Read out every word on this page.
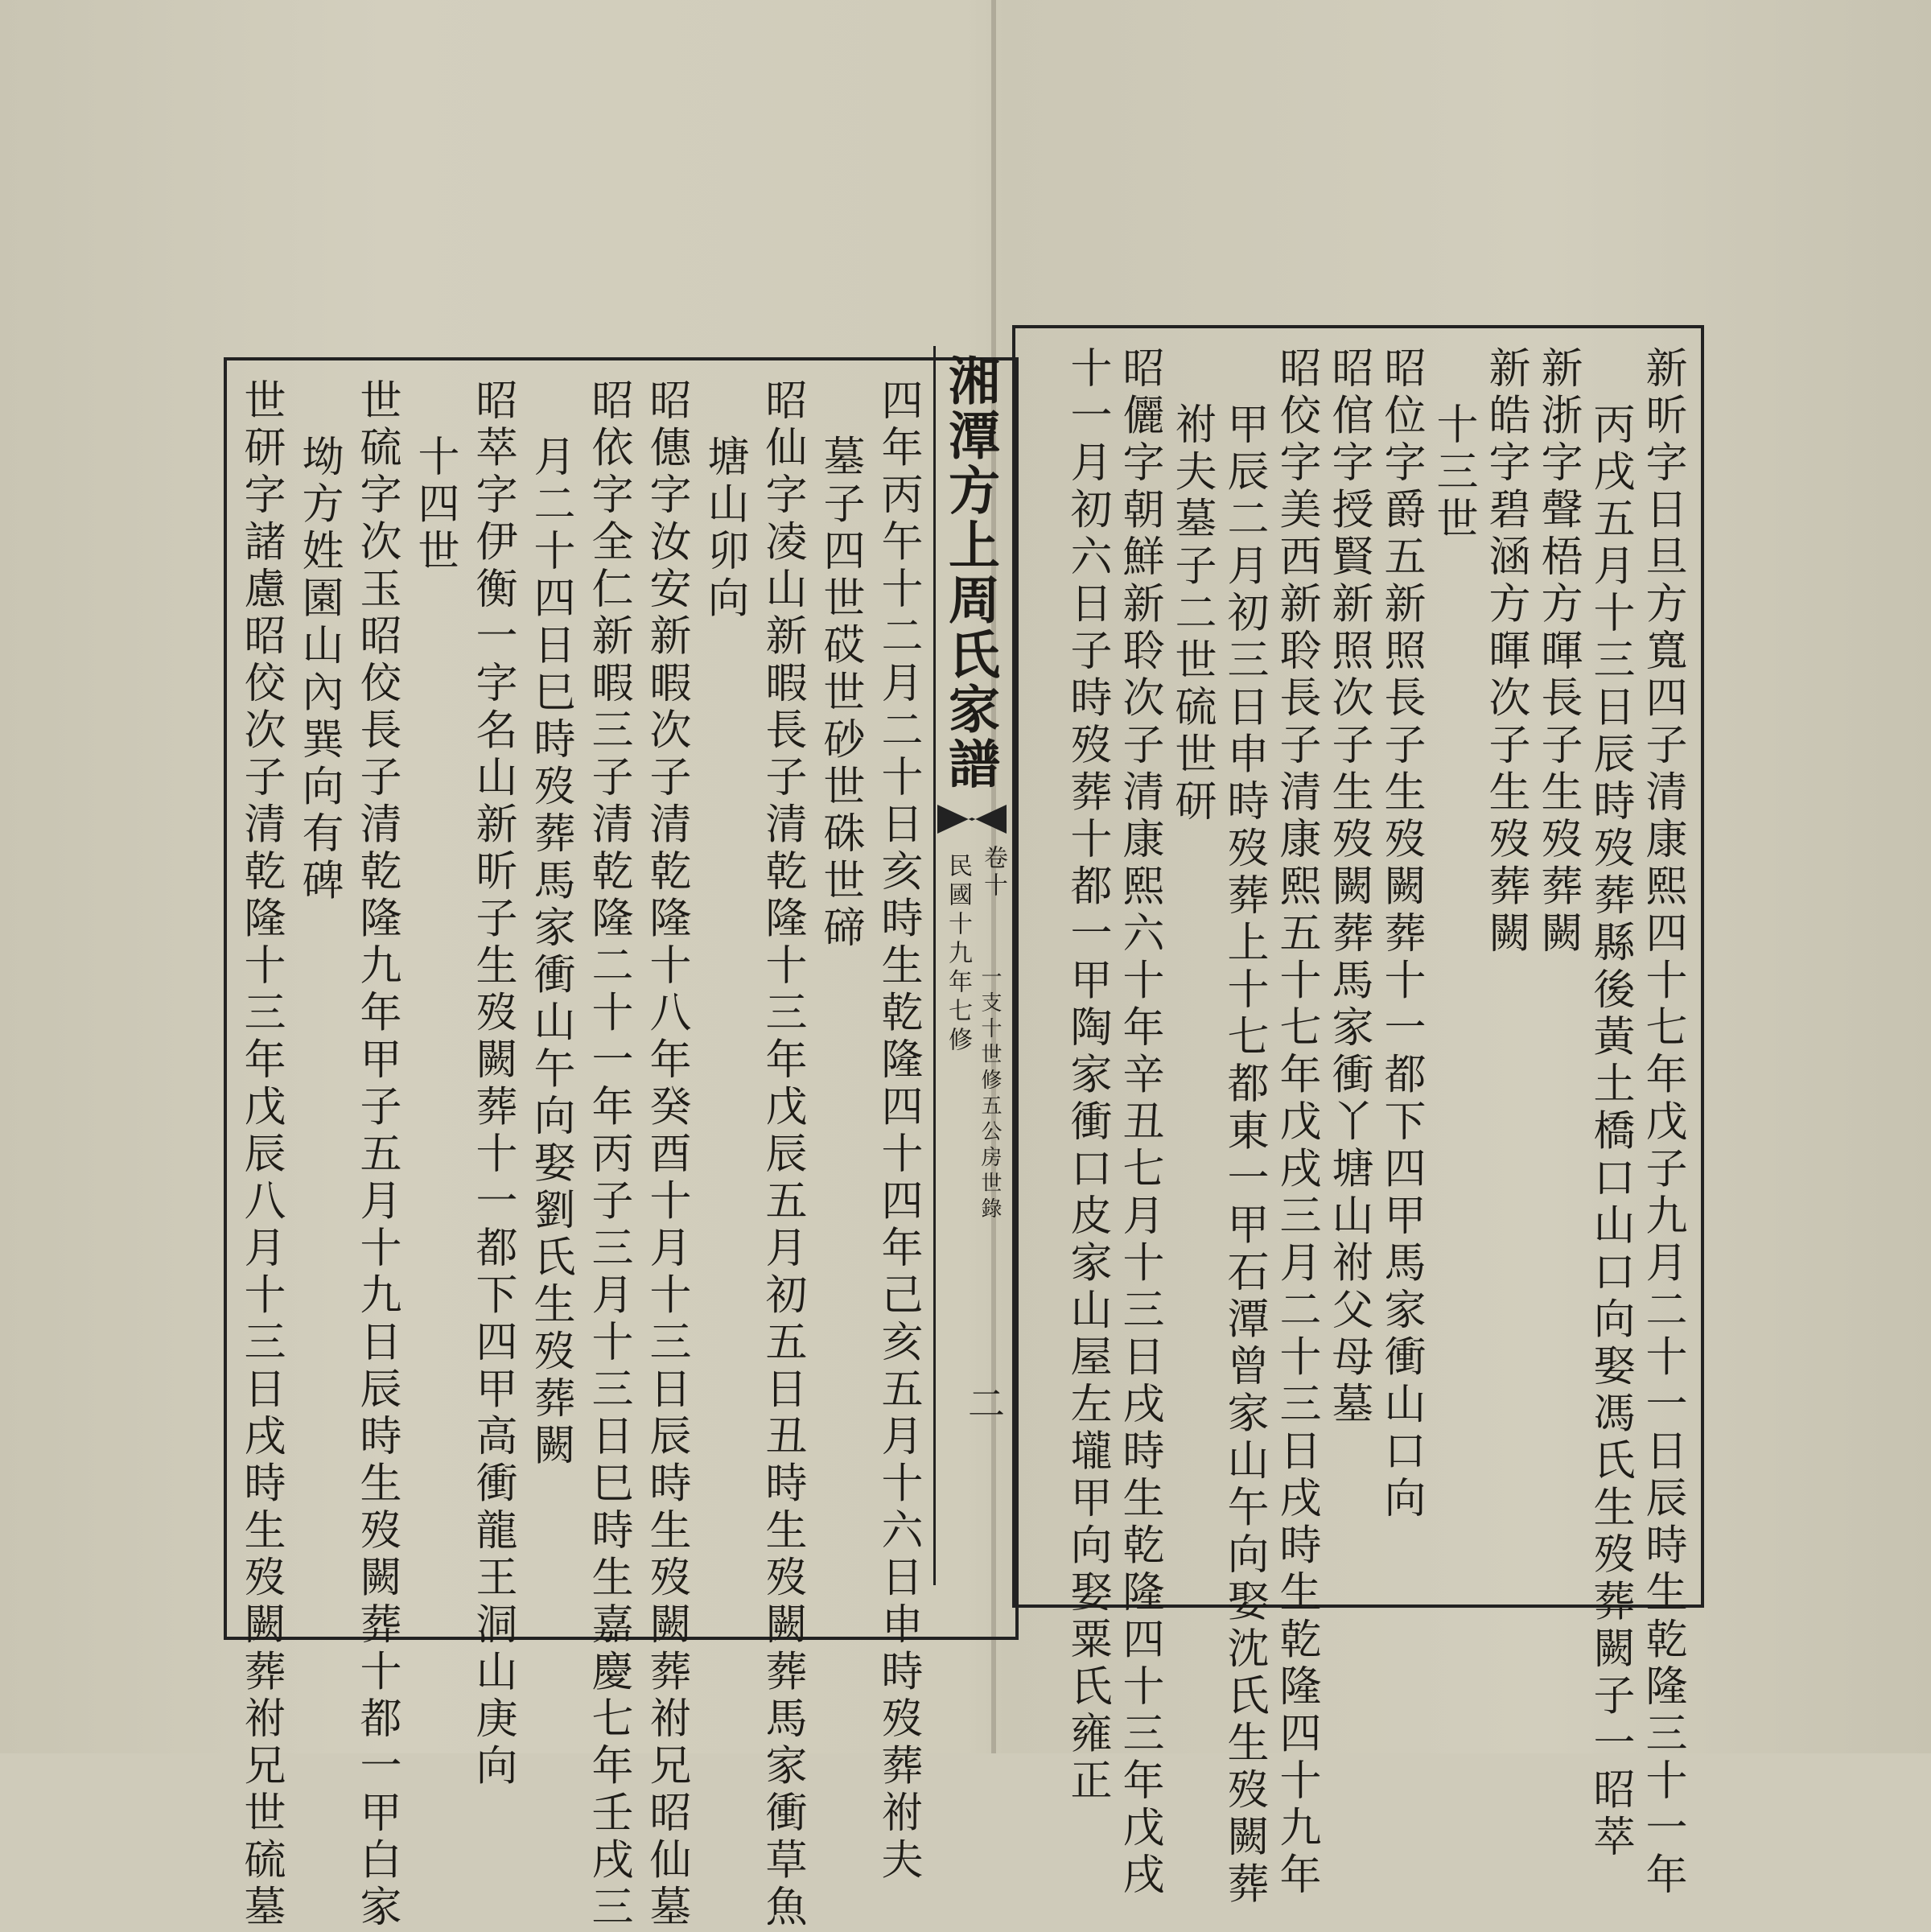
湘潭方上周氏家譜
卷十
一支十世修五公房世錄
民國十九年七修
二	新昕字日旦方寬四子清康熙四十七年戊子九月二十一日辰時生乾隆三十一年
丙戌五月十三日辰時歿葬縣後黃土橋口山口向娶馮氏生歿葬闕子一昭萃
新浙字聲梧方暉長子生歿葬闕
新皓字碧涵方暉次子生歿葬闕
十三世
昭位字爵五新照長子生歿闕葬十一都下四甲馬家衝山口向
昭倌字授賢新照次子生歿闕葬馬家衝丫塘山祔父母墓
昭佼字美西新聆長子清康熙五十七年戊戌三月二十三日戌時生乾隆四十九年
甲辰二月初三日申時歿葬上十七都東一甲石潭曾家山午向娶沈氏生歿闕葬
祔夫墓子二世硫世研
昭儷字朝鮮新聆次子清康熙六十年辛丑七月十三日戌時生乾隆四十三年戊戌
十一月初六日子時歿葬十都一甲陶家衝口皮家山屋左壠甲向娶粟氏雍正
四年丙午十二月二十日亥時生乾隆四十四年己亥五月十六日申時歿葬祔夫
墓子四世砹世砂世硃世碲
昭仙字凌山新暇長子清乾隆十三年戊辰五月初五日丑時生歿闕葬馬家衝草魚
塘山卯向
昭僡字汝安新暇次子清乾隆十八年癸酉十月十三日辰時生歿闕葬祔兄昭仙墓
昭依字全仁新暇三子清乾隆二十一年丙子三月十三日巳時生嘉慶七年壬戌三
月二十四日巳時歿葬馬家衝山午向娶劉氏生歿葬闕
昭萃字伊衡一字名山新昕子生歿闕葬十一都下四甲高衝龍王洞山庚向
十四世
世硫字次玉昭佼長子清乾隆九年甲子五月十九日辰時生歿闕葬十都一甲白家
坳方姓園山內巽向有碑
世研字諸慮昭佼次子清乾隆十三年戊辰八月十三日戌時生歿闕葬祔兄世硫墓
